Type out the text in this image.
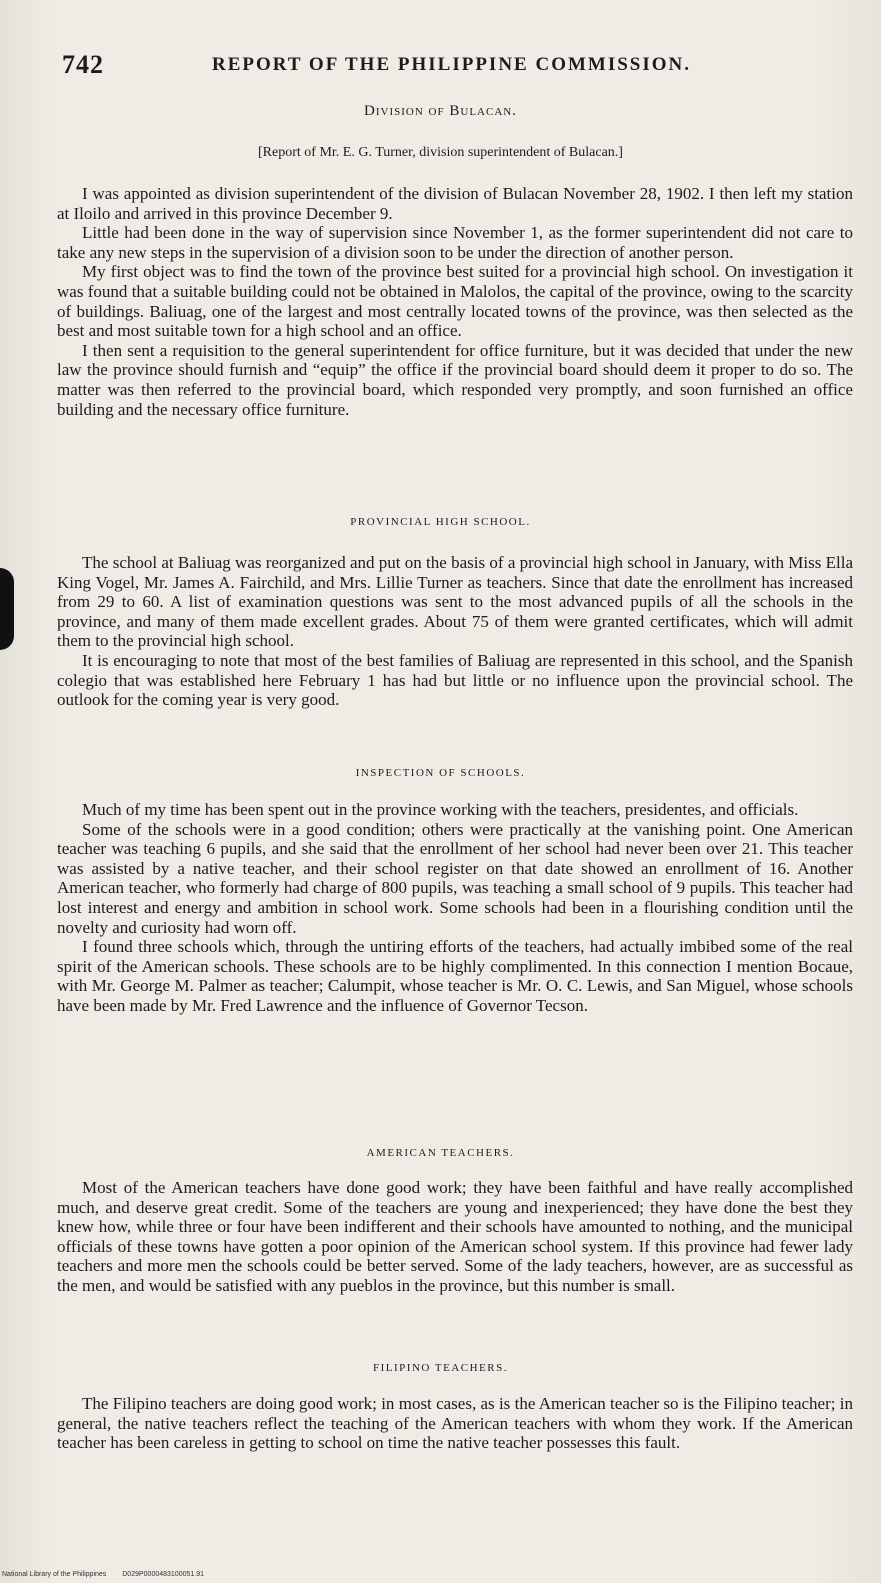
742	REPORT OF THE PHILIPPINE COMMISSION.
Division of Bulacan.
[Report of Mr. E. G. Turner, division superintendent of Bulacan.]

I was appointed as division superintendent of the division of Bulacan November 28, 1902. I then left my station at Iloilo and arrived in this province December 9.

Little had been done in the way of supervision since November 1, as the former superintendent did not care to take any new steps in the supervision of a division soon to be under the direction of another person.

My first object was to find the town of the province best suited for a provincial high school. On investigation it was found that a suitable building could not be obtained in Malolos, the capital of the province, owing to the scarcity of buildings. Baliuag, one of the largest and most centrally located towns of the province, was then selected as the best and most suitable town for a high school and an office.

I then sent a requisition to the general superintendent for office furniture, but it was decided that under the new law the province should furnish and “equip” the office if the provincial board should deem it proper to do so. The matter was then referred to the provincial board, which responded very promptly, and soon furnished an office building and the necessary office furniture.

PROVINCIAL HIGH SCHOOL.

The school at Baliuag was reorganized and put on the basis of a provincial high school in January, with Miss Ella King Vogel, Mr. James A. Fairchild, and Mrs. Lillie Turner as teachers. Since that date the enrollment has increased from 29 to 60. A list of examination questions was sent to the most advanced pupils of all the schools in the province, and many of them made excellent grades. About 75 of them were granted certificates, which will admit them to the provincial high school.

It is encouraging to note that most of the best families of Baliuag are represented in this school, and the Spanish colegio that was established here February 1 has had but little or no influence upon the provincial school. The outlook for the coming year is very good.

INSPECTION OF SCHOOLS.

Much of my time has been spent out in the province working with the teachers, presidentes, and officials.

Some of the schools were in a good condition; others were practically at the vanishing point. One American teacher was teaching 6 pupils, and she said that the enrollment of her school had never been over 21. This teacher was assisted by a native teacher, and their school register on that date showed an enrollment of 16. Another American teacher, who formerly had charge of 800 pupils, was teaching a small school of 9 pupils. This teacher had lost interest and energy and ambition in school work. Some schools had been in a flourishing condition until the novelty and curiosity had worn off.

I found three schools which, through the untiring efforts of the teachers, had actually imbibed some of the real spirit of the American schools. These schools are to be highly complimented. In this connection I mention Bocaue, with Mr. George M. Palmer as teacher; Calumpit, whose teacher is Mr. O. C. Lewis, and San Miguel, whose schools have been made by Mr. Fred Lawrence and the influence of Governor Tecson.

AMERICAN TEACHERS.

Most of the American teachers have done good work; they have been faithful and have really accomplished much, and deserve great credit. Some of the teachers are young and inexperienced; they have done the best they knew how, while three or four have been indifferent and their schools have amounted to nothing, and the municipal officials of these towns have gotten a poor opinion of the American school system. If this province had fewer lady teachers and more men the schools could be better served. Some of the lady teachers, however, are as successful as the men, and would be satisfied with any pueblos in the province, but this number is small.

FILIPINO TEACHERS.

The Filipino teachers are doing good work; in most cases, as is the American teacher so is the Filipino teacher; in general, the native teachers reflect the teaching of the American teachers with whom they work. If the American teacher has been careless in getting to school on time the native teacher possesses this fault.

National Library of the Philippines D029P0000483100051.91
